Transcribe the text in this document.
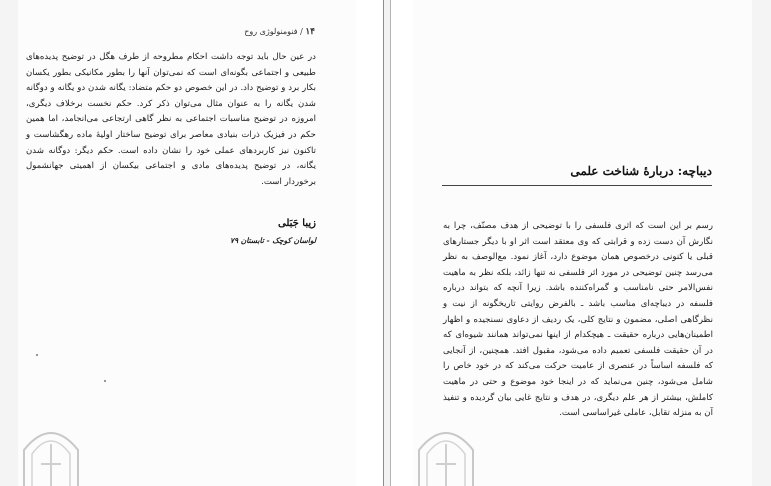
۱۴ / فنومنولوژی روح
در عین حال باید توجه داشت احکام مطروحه از طرف هگل در توضیح پدیده‌های طبیعی و اجتماعی بگونه‌ای است که نمی‌توان آنها را بطور مکانیکی بطور یکسان بکار برد و توضیح داد. در این خصوص دو حکم متضاد: یگانه شدن دو یگانه و دوگانه شدن یگانه را به عنوان مثال می‌توان ذکر کرد. حکم نخست برخلاف دیگری، امروزه در توضیح مناسبات اجتماعی به نظر گاهی ارتجاعی می‌انجامد، اما همین حکم در فیزیک ذرات بنیادی معاصر برای توضیح ساختار اولیهٔ ماده رهگشاست و تاکنون نیز کاربردهای عملی خود را نشان داده است. حکم دیگر: دوگانه شدن یگانه، در توضیح پدیده‌های مادی و اجتماعی بیکسان از اهمیتی جهانشمول برخوردار است.
زیبا جَبَلی
لواسان کوچک - تابستان ۷۹
دیباچه: دربارهٔ شناخت علمی
رسم بر این است که اثری فلسفی را با توضیحی از هدف مصنّف، چرا به نگارش آن دست زده و قرابتی که وی معتقد است اثر او با دیگر جستارهای قبلی یا کنونی درخصوص همان موضوع دارد، آغاز نمود. مع‌الوصف به نظر می‌رسد چنین توضیحی در مورد اثر فلسفی نه تنها زائد، بلکه نظر به ماهیت نفس‌الامر حتی نامناسب و گمراه‌کننده باشد. زیرا آنچه که بتواند درباره فلسفه در دیباچه‌ای مناسب باشد ـ بالفرض روایتی تاریخگونه از نیت و نظرگاهی اصلی، مضمون و نتایج کلی، یک ردیف از دعاوی نسنجیده و اظهار اطمینان‌هایی درباره حقیقت ـ هیچکدام از اینها نمی‌تواند همانند شیوه‌ای که در آن حقیقت فلسفی تعمیم داده می‌شود، مقبول افتد. همچنین، از آنجایی که فلسفه اساساً در عنصری از عامیت حرکت می‌کند که در خود خاص را شامل می‌شود، چنین می‌نماید که در اینجا خود موضوع و حتی در ماهیت کاملش، بیشتر از هر علم دیگری، در هدف و نتایج غایی بیان گردیده و تنفیذ آن به منزله تقابل، عاملی غیراساسی است.
